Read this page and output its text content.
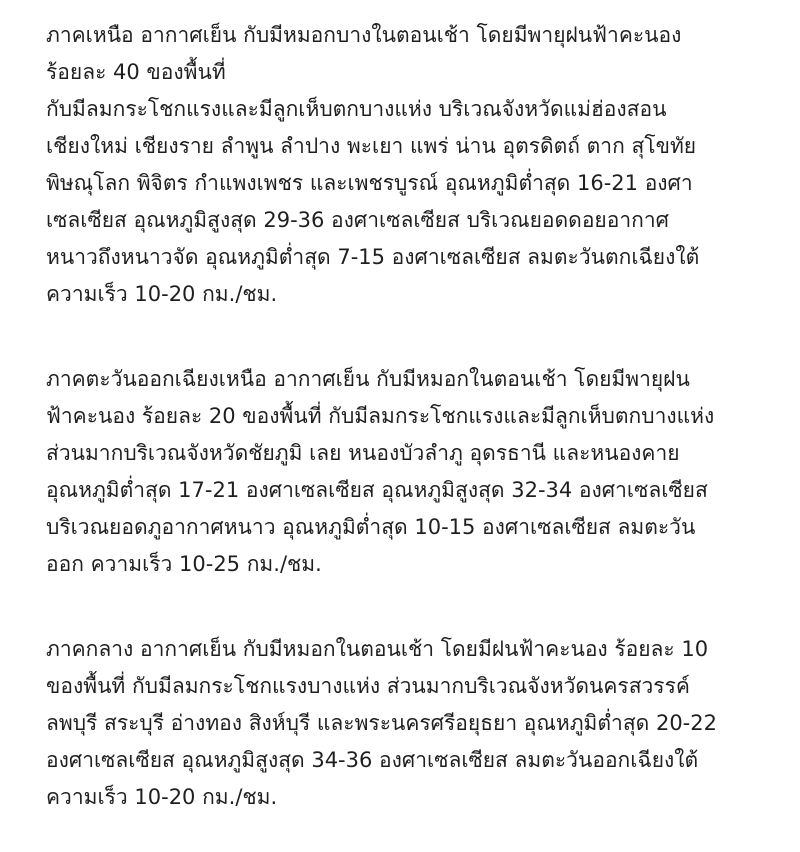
ภาคเหนือ อากาศเย็น กับมีหมอกบางในตอนเช้า โดยมีพายุฝนฟ้าคะนอง
ร้อยละ 40 ของพื้นที่
กับมีลมกระโชกแรงและมีลูกเห็บตกบางแห่ง บริเวณจังหวัดแม่ฮ่องสอน
เชียงใหม่ เชียงราย ลำพูน ลำปาง พะเยา แพร่ น่าน อุตรดิตถ์ ตาก สุโขทัย
พิษณุโลก พิจิตร กำแพงเพชร และเพชรบูรณ์ อุณหภูมิต่ำสุด 16-21 องศา
เซลเซียส อุณหภูมิสูงสุด 29-36 องศาเซลเซียส บริเวณยอดดอยอากาศ
หนาวถึงหนาวจัด อุณหภูมิต่ำสุด 7-15 องศาเซลเซียส ลมตะวันตกเฉียงใต้
ความเร็ว 10-20 กม./ชม.

ภาคตะวันออกเฉียงเหนือ อากาศเย็น กับมีหมอกในตอนเช้า โดยมีพายุฝน
ฟ้าคะนอง ร้อยละ 20 ของพื้นที่ กับมีลมกระโชกแรงและมีลูกเห็บตกบางแห่ง
ส่วนมากบริเวณจังหวัดชัยภูมิ เลย หนองบัวลำภู อุดรธานี และหนองคาย
อุณหภูมิต่ำสุด 17-21 องศาเซลเซียส อุณหภูมิสูงสุด 32-34 องศาเซลเซียส
บริเวณยอดภูอากาศหนาว อุณหภูมิต่ำสุด 10-15 องศาเซลเซียส ลมตะวัน
ออก ความเร็ว 10-25 กม./ชม.

ภาคกลาง อากาศเย็น กับมีหมอกในตอนเช้า โดยมีฝนฟ้าคะนอง ร้อยละ 10
ของพื้นที่ กับมีลมกระโชกแรงบางแห่ง ส่วนมากบริเวณจังหวัดนครสวรรค์
ลพบุรี สระบุรี อ่างทอง สิงห์บุรี และพระนครศรีอยุธยา อุณหภูมิต่ำสุด 20-22
องศาเซลเซียส อุณหภูมิสูงสุด 34-36 องศาเซลเซียส ลมตะวันออกเฉียงใต้
ความเร็ว 10-20 กม./ชม.
